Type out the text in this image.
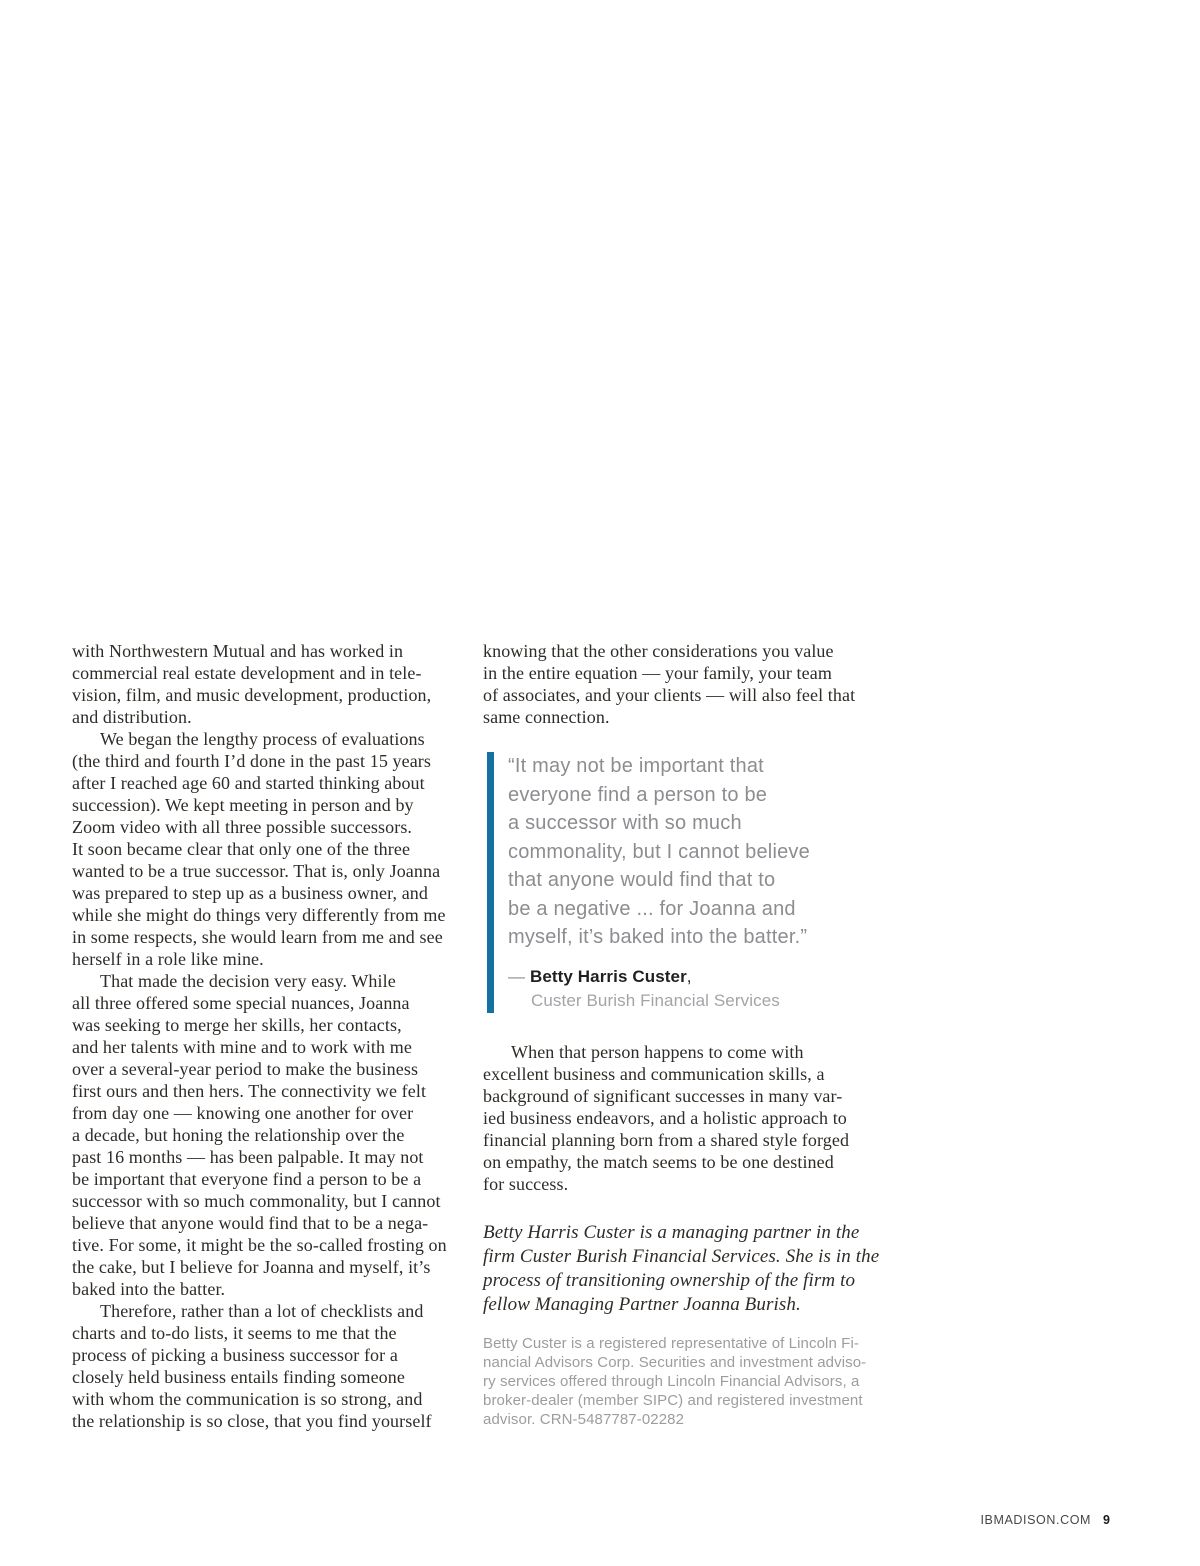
with Northwestern Mutual and has worked in
commercial real estate development and in tele-
vision, film, and music development, production,
and distribution.
We began the lengthy process of evaluations
(the third and fourth I’d done in the past 15 years
after I reached age 60 and started thinking about
succession). We kept meeting in person and by
Zoom video with all three possible successors.
It soon became clear that only one of the three
wanted to be a true successor. That is, only Joanna
was prepared to step up as a business owner, and
while she might do things very differently from me
in some respects, she would learn from me and see
herself in a role like mine.
That made the decision very easy. While
all three offered some special nuances, Joanna
was seeking to merge her skills, her contacts,
and her talents with mine and to work with me
over a several-year period to make the business
first ours and then hers. The connectivity we felt
from day one — knowing one another for over
a decade, but honing the relationship over the
past 16 months — has been palpable. It may not
be important that everyone find a person to be a
successor with so much commonality, but I cannot
believe that anyone would find that to be a nega-
tive. For some, it might be the so-called frosting on
the cake, but I believe for Joanna and myself, it’s
baked into the batter.
Therefore, rather than a lot of checklists and
charts and to-do lists, it seems to me that the
process of picking a business successor for a
closely held business entails finding someone
with whom the communication is so strong, and
the relationship is so close, that you find yourself
knowing that the other considerations you value
in the entire equation — your family, your team
of associates, and your clients — will also feel that
same connection.
“It may not be important that
everyone find a person to be
a successor with so much
commonality, but I cannot believe
that anyone would find that to
be a negative ... for Joanna and
myself, it’s baked into the batter.”
— Betty Harris Custer,
Custer Burish Financial Services
When that person happens to come with
excellent business and communication skills, a
background of significant successes in many var-
ied business endeavors, and a holistic approach to
financial planning born from a shared style forged
on empathy, the match seems to be one destined
for success.
Betty Harris Custer is a managing partner in the
firm Custer Burish Financial Services. She is in the
process of transitioning ownership of the firm to
fellow Managing Partner Joanna Burish.
Betty Custer is a registered representative of Lincoln Fi-
nancial Advisors Corp. Securities and investment adviso-
ry services offered through Lincoln Financial Advisors, a
broker-dealer (member SIPC) and registered investment
advisor. CRN-5487787-02282
IBMADISON.COM 9
